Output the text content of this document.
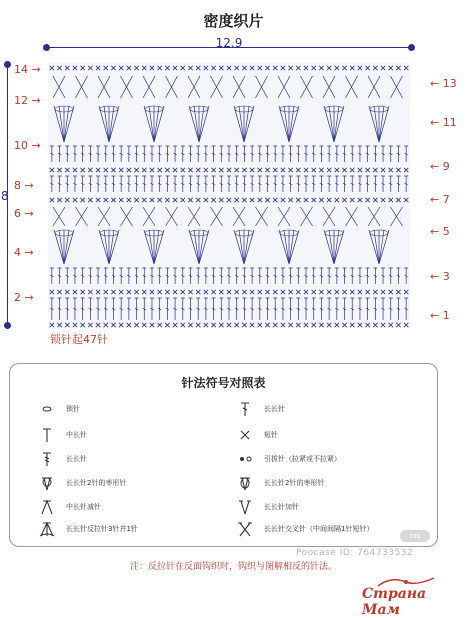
密度织片
12.9
8
14 →
12 →
10 →
8 →
6 →
4 →
2 →
← 13
← 11
← 9
← 7
← 5
← 3
← 1
锁针起47针
针法符号对照表
锁针	长长针
中长针	短针
长长针	引拔针（拉紧或不拉紧）
长长针2针的枣形针	长长针2针的枣形针
中长针减针	长长针加针
长长针反拉针3针并1针	长长针交叉针（中间间隔1针短针）
Ins
Poocase ID: 764733532
注：反拉针在反面钩织时，钩织与图解相反的针法。
Страна Мам
